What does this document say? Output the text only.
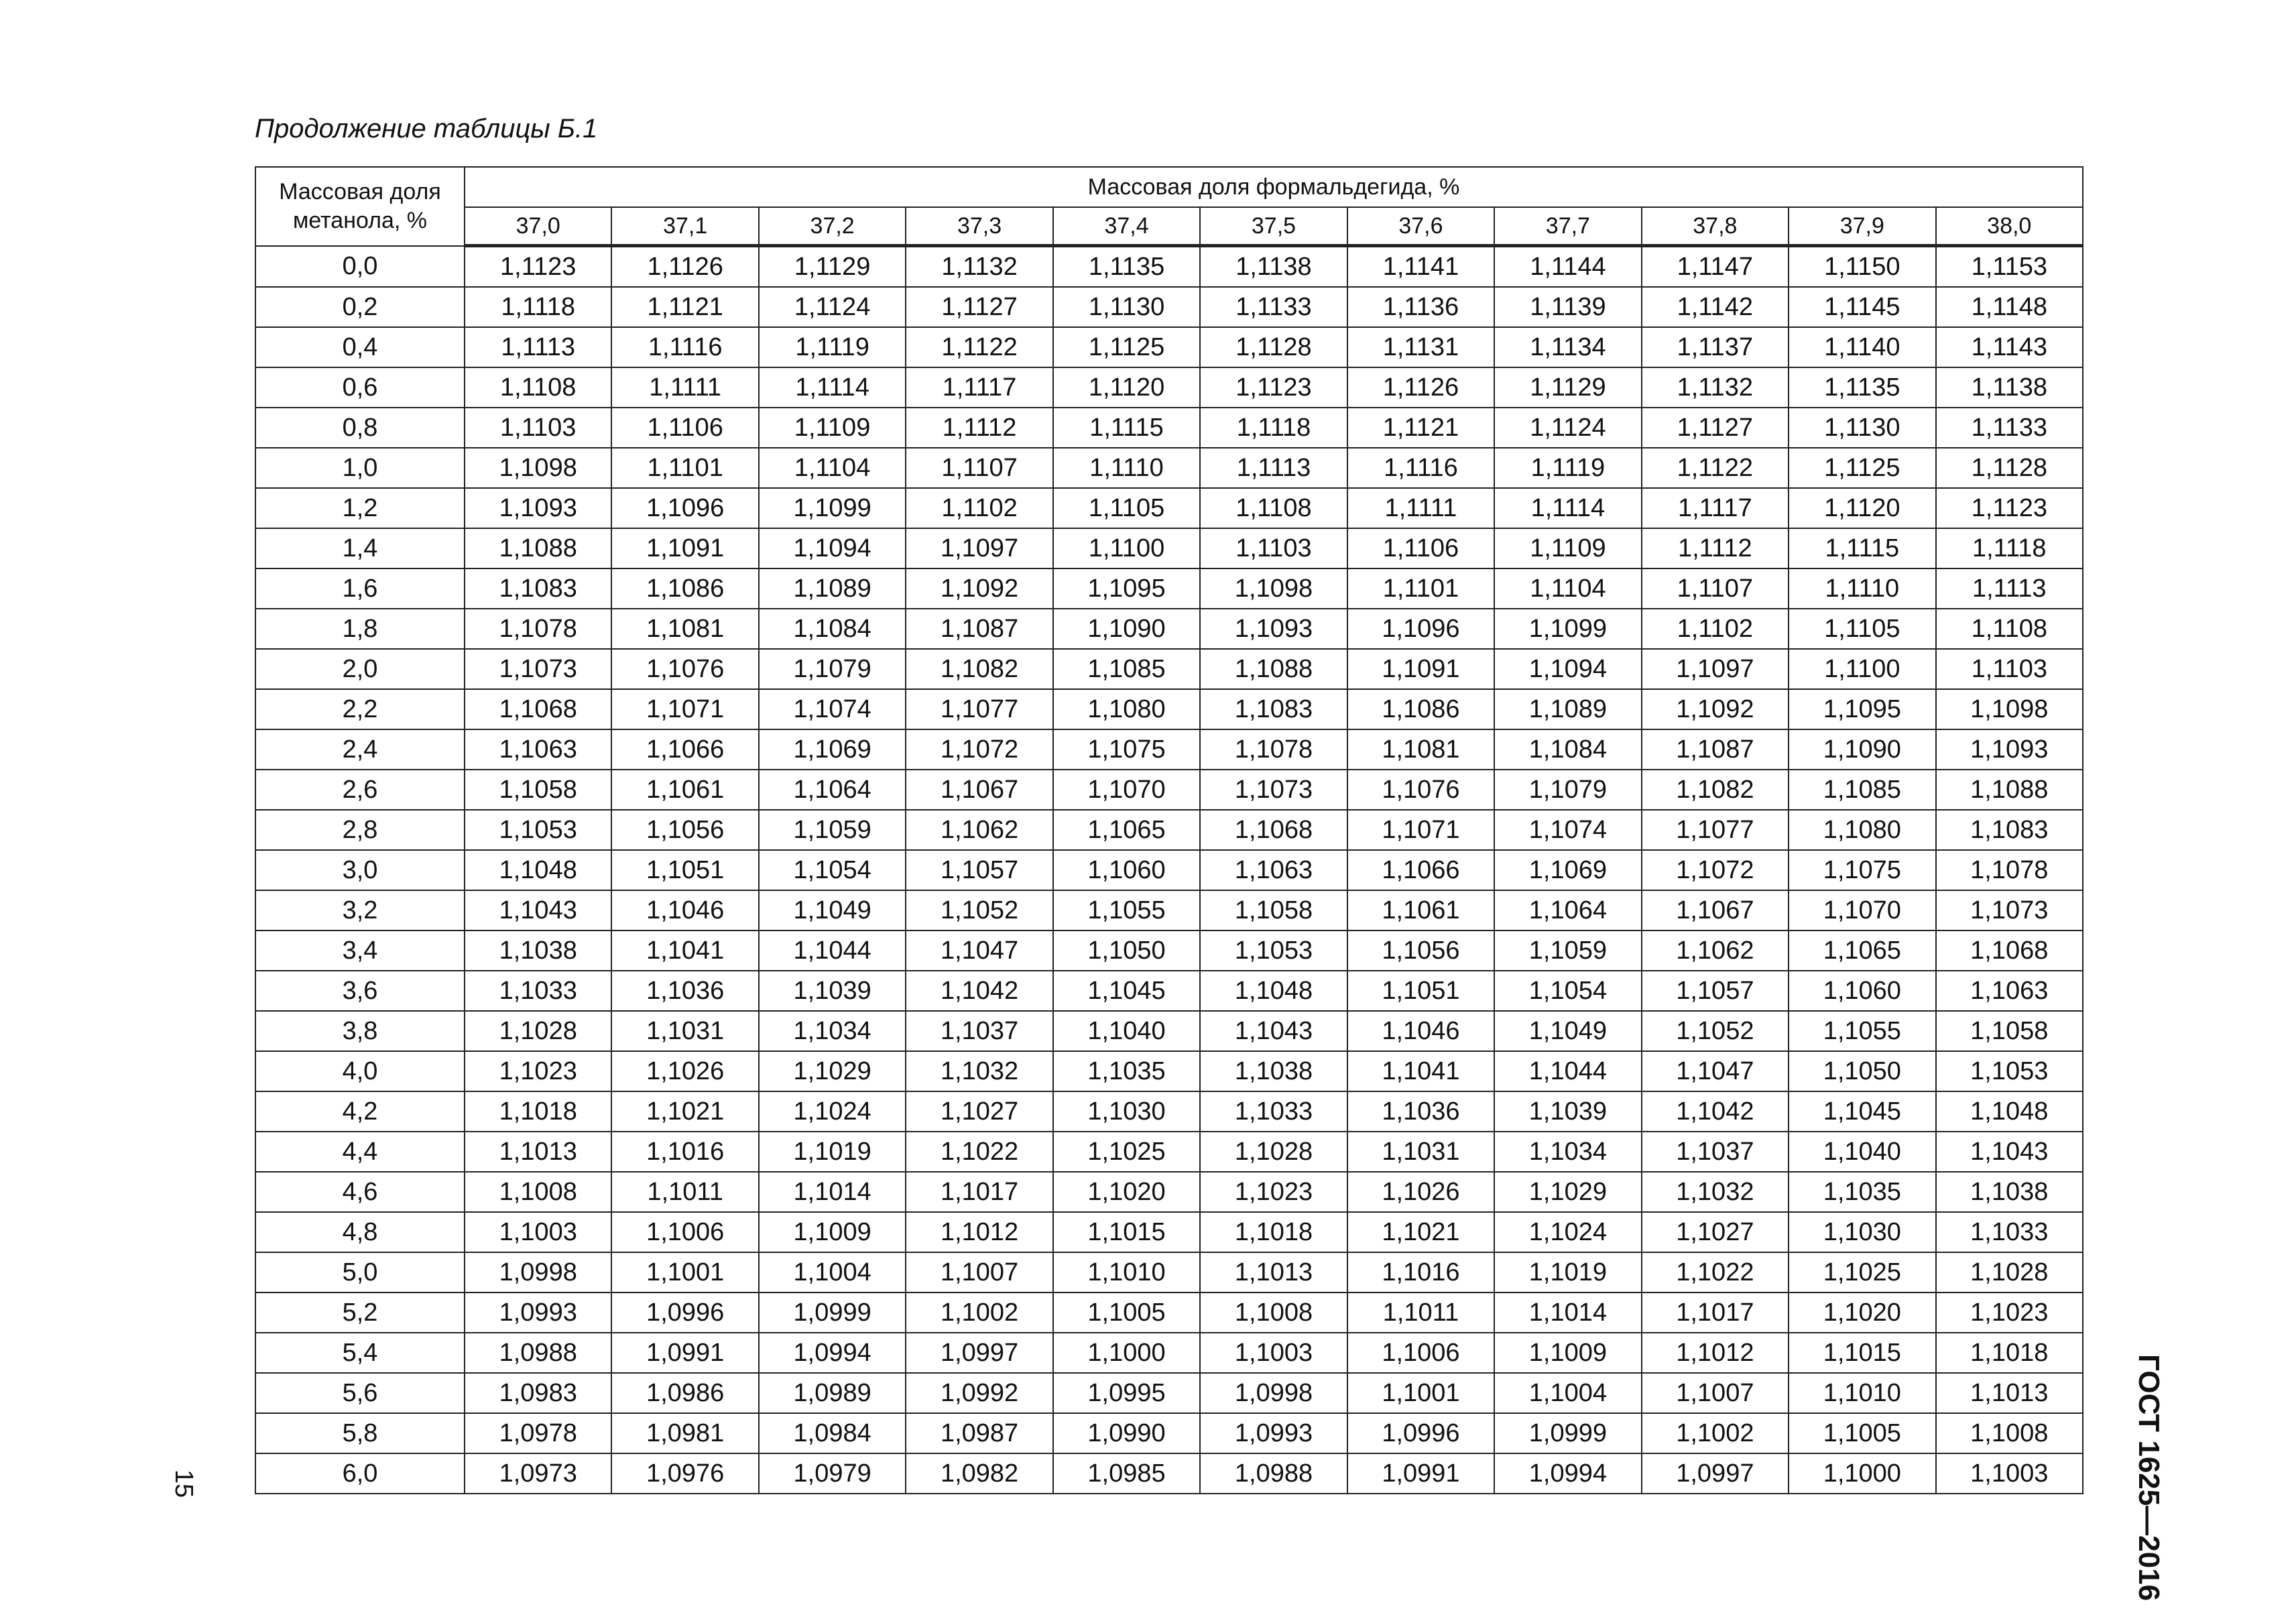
Продолжение таблицы Б.1
Массовая доля метанола, %	Массовая доля формальдегида, %										
	37,0	37,1	37,2	37,3	37,4	37,5	37,6	37,7	37,8	37,9	38,0
0,0	1,1123	1,1126	1,1129	1,1132	1,1135	1,1138	1,1141	1,1144	1,1147	1,1150	1,1153
0,2	1,1118	1,1121	1,1124	1,1127	1,1130	1,1133	1,1136	1,1139	1,1142	1,1145	1,1148
0,4	1,1113	1,1116	1,1119	1,1122	1,1125	1,1128	1,1131	1,1134	1,1137	1,1140	1,1143
0,6	1,1108	1,1111	1,1114	1,1117	1,1120	1,1123	1,1126	1,1129	1,1132	1,1135	1,1138
0,8	1,1103	1,1106	1,1109	1,1112	1,1115	1,1118	1,1121	1,1124	1,1127	1,1130	1,1133
1,0	1,1098	1,1101	1,1104	1,1107	1,1110	1,1113	1,1116	1,1119	1,1122	1,1125	1,1128
1,2	1,1093	1,1096	1,1099	1,1102	1,1105	1,1108	1,1111	1,1114	1,1117	1,1120	1,1123
1,4	1,1088	1,1091	1,1094	1,1097	1,1100	1,1103	1,1106	1,1109	1,1112	1,1115	1,1118
1,6	1,1083	1,1086	1,1089	1,1092	1,1095	1,1098	1,1101	1,1104	1,1107	1,1110	1,1113
1,8	1,1078	1,1081	1,1084	1,1087	1,1090	1,1093	1,1096	1,1099	1,1102	1,1105	1,1108
2,0	1,1073	1,1076	1,1079	1,1082	1,1085	1,1088	1,1091	1,1094	1,1097	1,1100	1,1103
2,2	1,1068	1,1071	1,1074	1,1077	1,1080	1,1083	1,1086	1,1089	1,1092	1,1095	1,1098
2,4	1,1063	1,1066	1,1069	1,1072	1,1075	1,1078	1,1081	1,1084	1,1087	1,1090	1,1093
2,6	1,1058	1,1061	1,1064	1,1067	1,1070	1,1073	1,1076	1,1079	1,1082	1,1085	1,1088
2,8	1,1053	1,1056	1,1059	1,1062	1,1065	1,1068	1,1071	1,1074	1,1077	1,1080	1,1083
3,0	1,1048	1,1051	1,1054	1,1057	1,1060	1,1063	1,1066	1,1069	1,1072	1,1075	1,1078
3,2	1,1043	1,1046	1,1049	1,1052	1,1055	1,1058	1,1061	1,1064	1,1067	1,1070	1,1073
3,4	1,1038	1,1041	1,1044	1,1047	1,1050	1,1053	1,1056	1,1059	1,1062	1,1065	1,1068
3,6	1,1033	1,1036	1,1039	1,1042	1,1045	1,1048	1,1051	1,1054	1,1057	1,1060	1,1063
3,8	1,1028	1,1031	1,1034	1,1037	1,1040	1,1043	1,1046	1,1049	1,1052	1,1055	1,1058
4,0	1,1023	1,1026	1,1029	1,1032	1,1035	1,1038	1,1041	1,1044	1,1047	1,1050	1,1053
4,2	1,1018	1,1021	1,1024	1,1027	1,1030	1,1033	1,1036	1,1039	1,1042	1,1045	1,1048
4,4	1,1013	1,1016	1,1019	1,1022	1,1025	1,1028	1,1031	1,1034	1,1037	1,1040	1,1043
4,6	1,1008	1,1011	1,1014	1,1017	1,1020	1,1023	1,1026	1,1029	1,1032	1,1035	1,1038
4,8	1,1003	1,1006	1,1009	1,1012	1,1015	1,1018	1,1021	1,1024	1,1027	1,1030	1,1033
5,0	1,0998	1,1001	1,1004	1,1007	1,1010	1,1013	1,1016	1,1019	1,1022	1,1025	1,1028
5,2	1,0993	1,0996	1,0999	1,1002	1,1005	1,1008	1,1011	1,1014	1,1017	1,1020	1,1023
5,4	1,0988	1,0991	1,0994	1,0997	1,1000	1,1003	1,1006	1,1009	1,1012	1,1015	1,1018
5,6	1,0983	1,0986	1,0989	1,0992	1,0995	1,0998	1,1001	1,1004	1,1007	1,1010	1,1013
5,8	1,0978	1,0981	1,0984	1,0987	1,0990	1,0993	1,0996	1,0999	1,1002	1,1005	1,1008
6,0	1,0973	1,0976	1,0979	1,0982	1,0985	1,0988	1,0991	1,0994	1,0997	1,1000	1,1003	ГОСТ 1625—2016
15
